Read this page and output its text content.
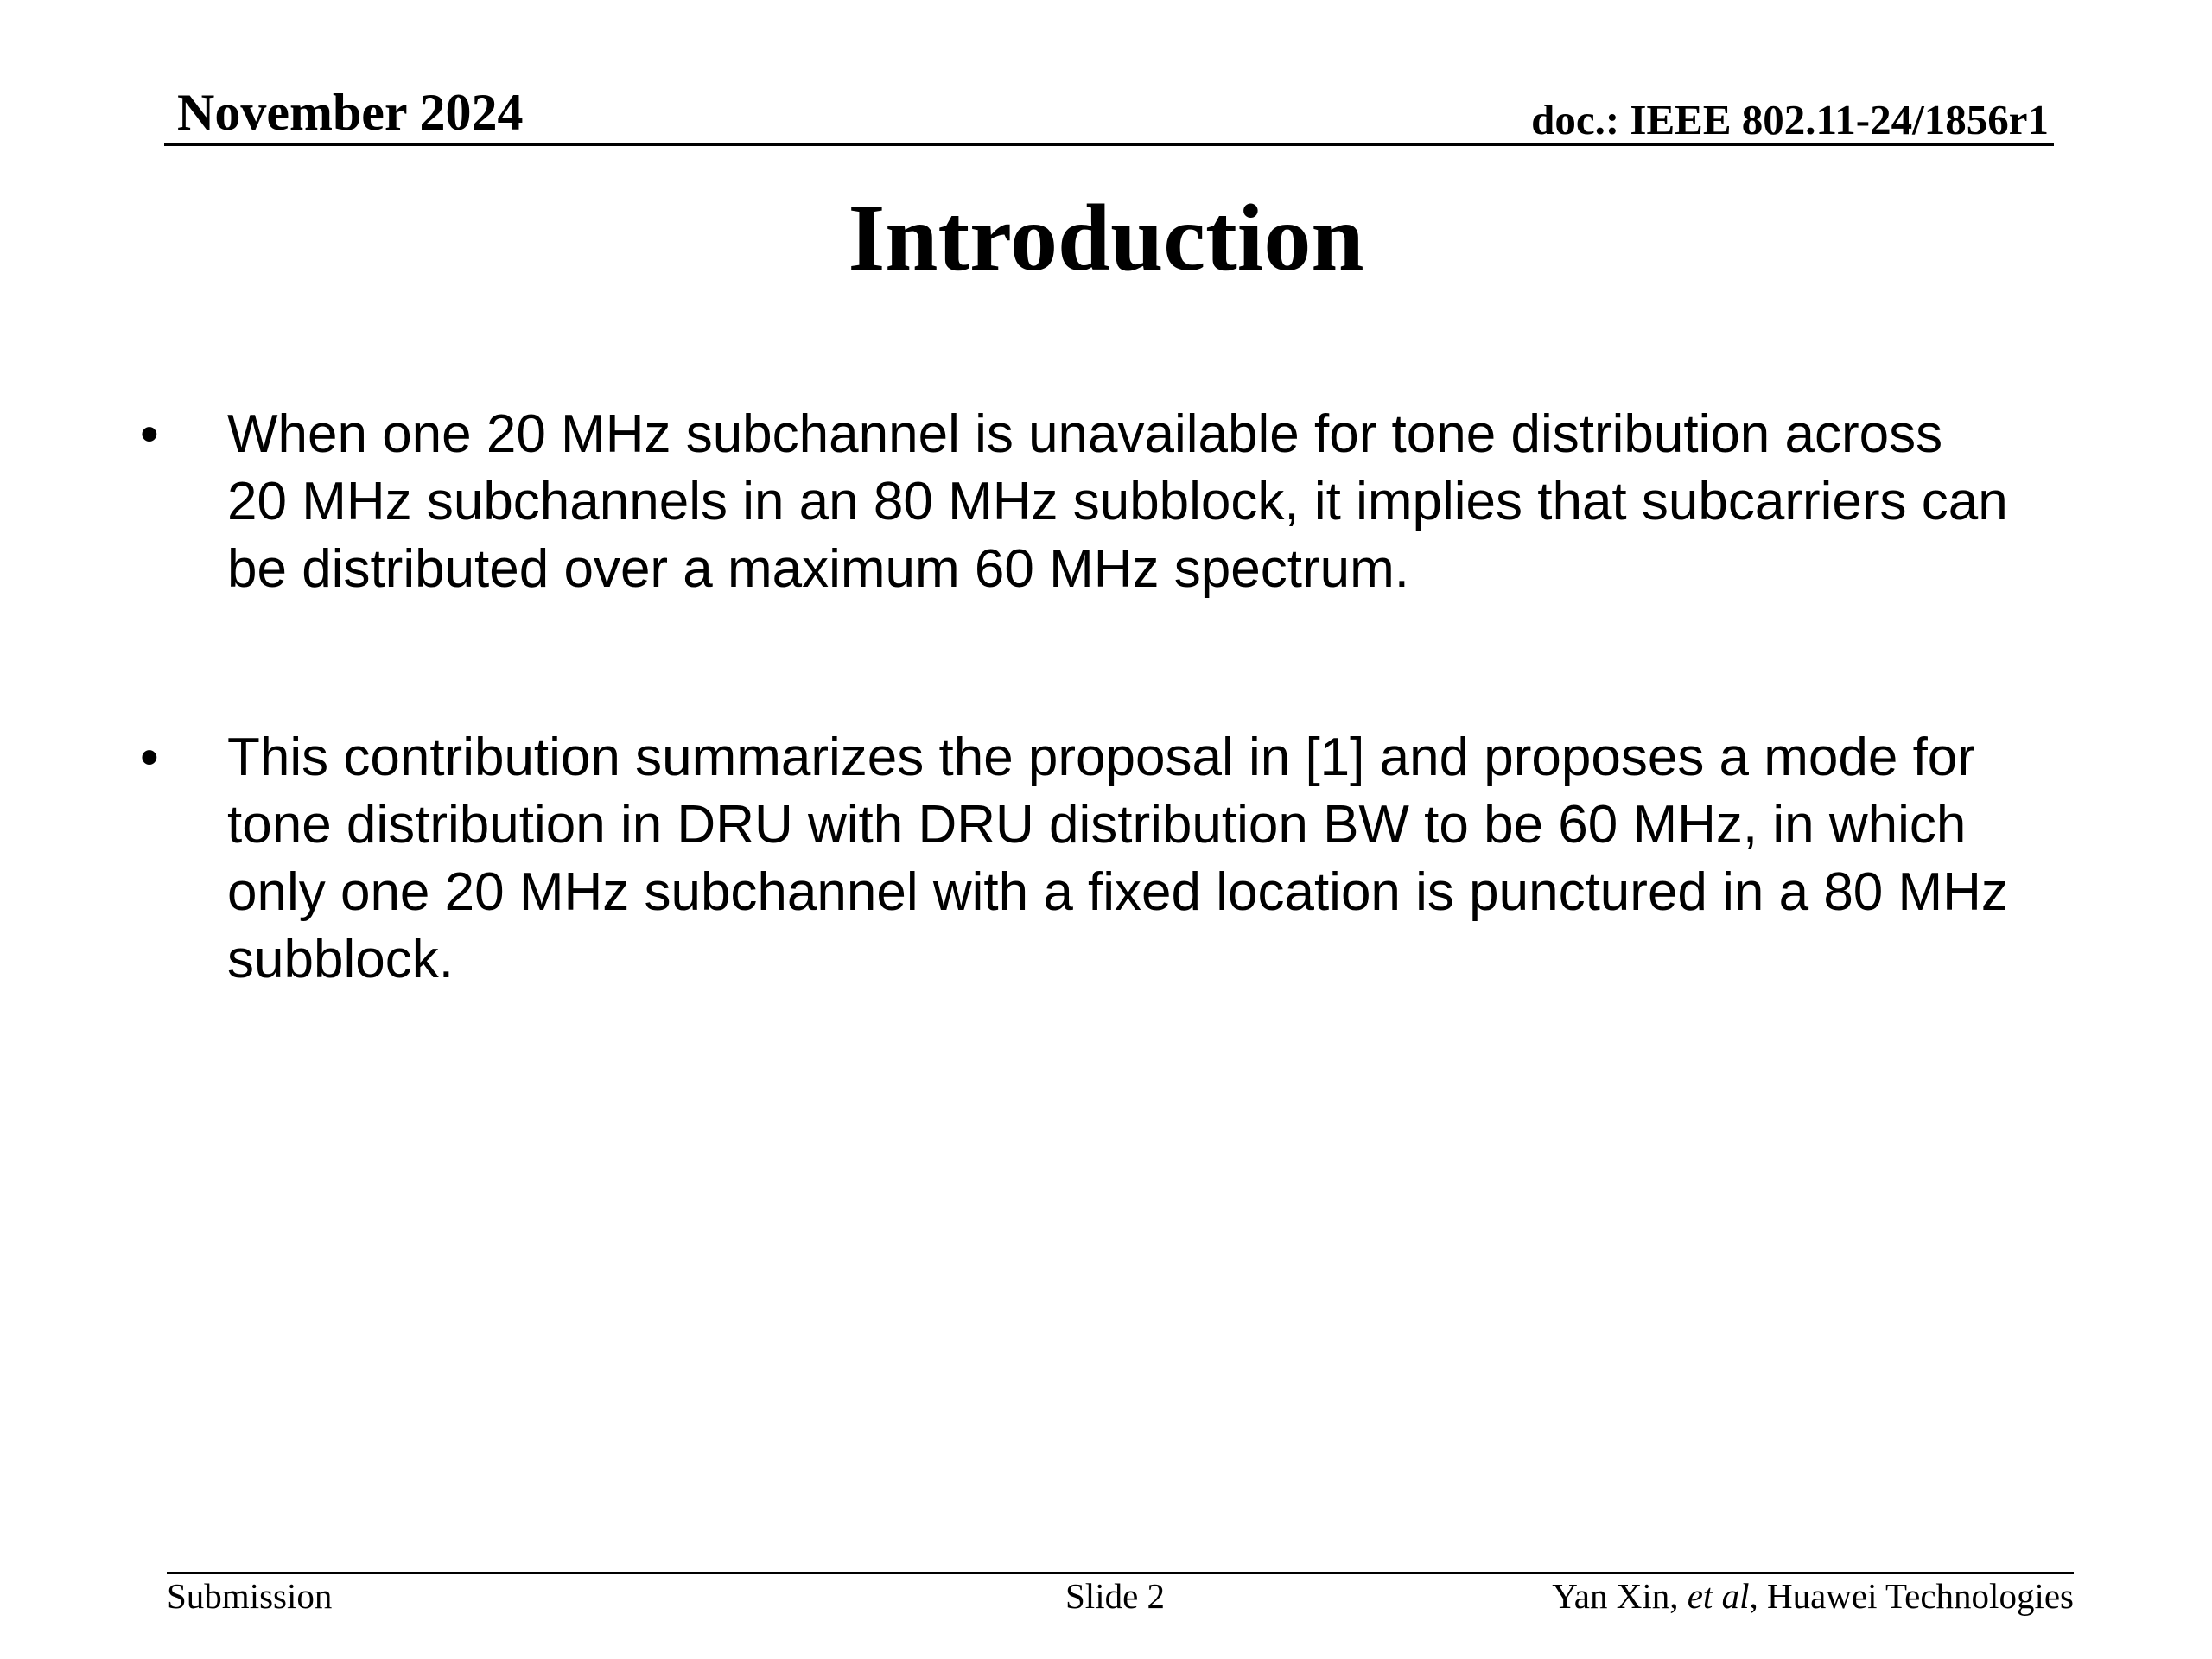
November 2024	doc.: IEEE 802.11-24/1856r1
Introduction
•	When one 20 MHz subchannel is unavailable for tone distribution across
20 MHz subchannels in an 80 MHz subblock, it implies that subcarriers can
be distributed over a maximum 60 MHz spectrum.
•	This contribution summarizes the proposal in [1] and proposes a mode for
tone distribution in DRU with DRU distribution BW to be 60 MHz, in which
only one 20 MHz subchannel with a fixed location is punctured in a 80 MHz
subblock.
Submission	Slide 2	Yan Xin, et al, Huawei Technologies
